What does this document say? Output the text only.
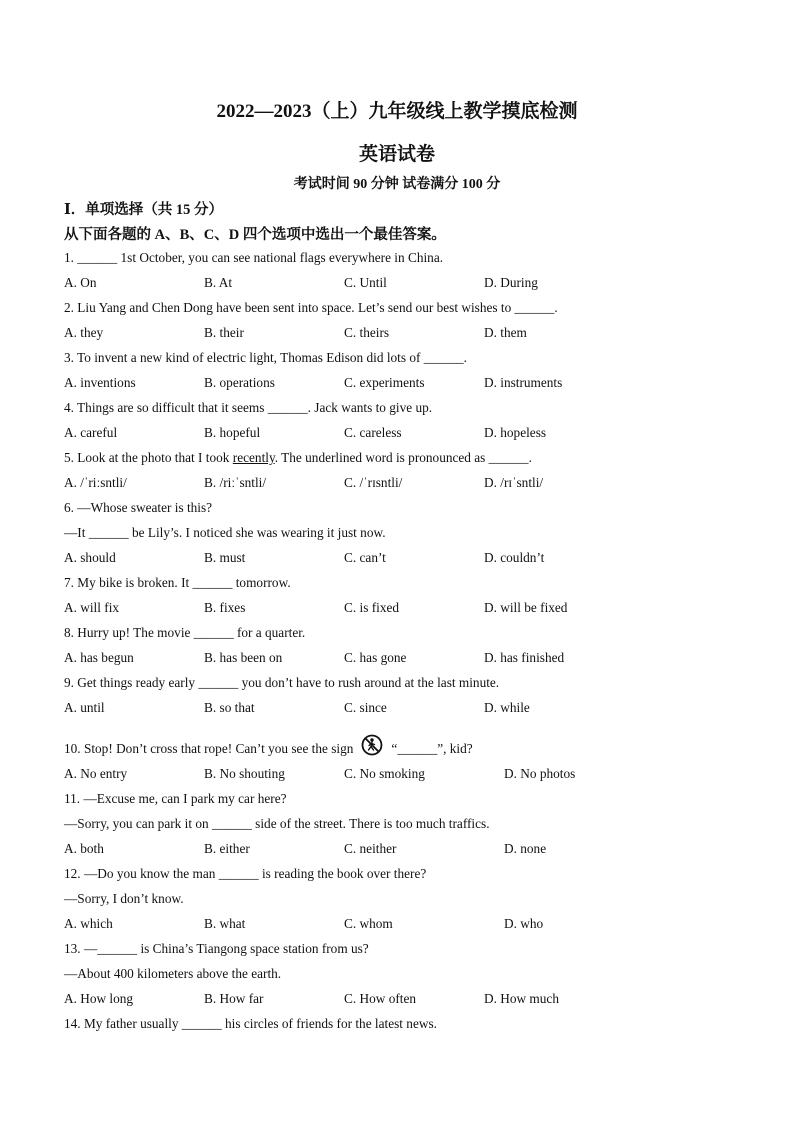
2022—2023（上）九年级线上教学摸底检测
英语试卷
考试时间 90 分钟 试卷满分 100 分
Ⅰ．单项选择（共 15 分）
从下面各题的 A、B、C、D 四个选项中选出一个最佳答案。
1. ______ 1st October, you can see national flags everywhere in China.
A. On	B. At	C. Until	D. During
2. Liu Yang and Chen Dong have been sent into space. Let’s send our best wishes to ______.
A. they	B. their	C. theirs	D. them
3. To invent a new kind of electric light, Thomas Edison did lots of ______.
A. inventions	B. operations	C. experiments	D. instruments
4. Things are so difficult that it seems ______. Jack wants to give up.
A. careful	B. hopeful	C. careless	D. hopeless
5. Look at the photo that I took recently. The underlined word is pronounced as ______.
A. /ˈriːsntli/	B. /riːˈsntli/	C. /ˈrɪsntli/	D. /rɪˈsntli/
6. —Whose sweater is this?
—It ______ be Lily’s. I noticed she was wearing it just now.
A. should	B. must	C. can’t	D. couldn’t
7. My bike is broken. It ______ tomorrow.
A. will fix	B. fixes	C. is fixed	D. will be fixed
8. Hurry up! The movie ______ for a quarter.
A. has begun	B. has been on	C. has gone	D. has finished
9. Get things ready early ______ you don’t have to rush around at the last minute.
A. until	B. so that	C. since	D. while
10. Stop! Don’t cross that rope! Can’t you see the sign	“______”, kid?
A. No entry	B. No shouting	C. No smoking	D. No photos
11. —Excuse me, can I park my car here?
—Sorry, you can park it on ______ side of the street. There is too much traffics.
A. both	B. either	C. neither	D. none
12. —Do you know the man ______ is reading the book over there?
—Sorry, I don’t know.
A. which	B. what	C. whom	D. who
13. —______ is China’s Tiangong space station from us?
—About 400 kilometers above the earth.
A. How long	B. How far	C. How often	D. How much
14. My father usually ______ his circles of friends for the latest news.
